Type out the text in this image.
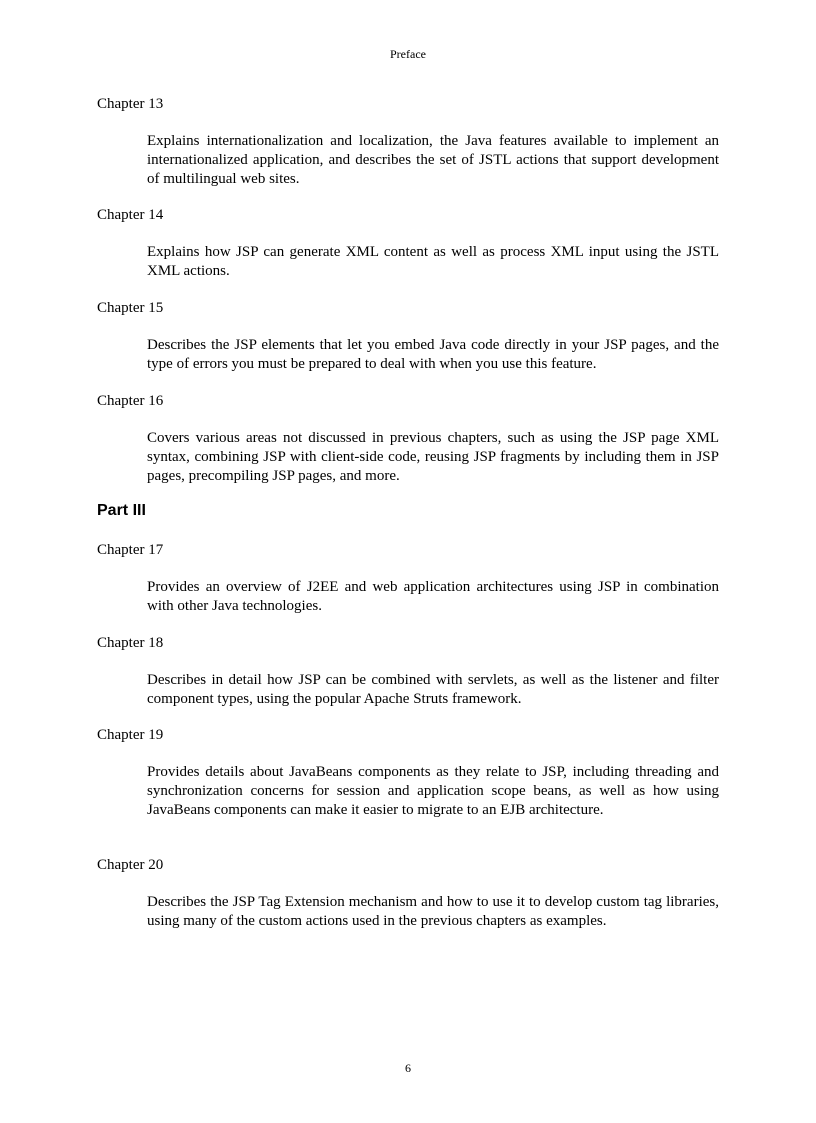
Preface
Chapter 13
Explains internationalization and localization, the Java features available to implement an internationalized application, and describes the set of JSTL actions that support development of multilingual web sites.
Chapter 14
Explains how JSP can generate XML content as well as process XML input using the JSTL XML actions.
Chapter 15
Describes the JSP elements that let you embed Java code directly in your JSP pages, and the type of errors you must be prepared to deal with when you use this feature.
Chapter 16
Covers various areas not discussed in previous chapters, such as using the JSP page XML syntax, combining JSP with client-side code, reusing JSP fragments by including them in JSP pages, precompiling JSP pages, and more.
Part III
Chapter 17
Provides an overview of J2EE and web application architectures using JSP in combination with other Java technologies.
Chapter 18
Describes in detail how JSP can be combined with servlets, as well as the listener and filter component types, using the popular Apache Struts framework.
Chapter 19
Provides details about JavaBeans components as they relate to JSP, including threading and synchronization concerns for session and application scope beans, as well as how using JavaBeans components can make it easier to migrate to an EJB architecture.
Chapter 20
Describes the JSP Tag Extension mechanism and how to use it to develop custom tag libraries, using many of the custom actions used in the previous chapters as examples.
6
